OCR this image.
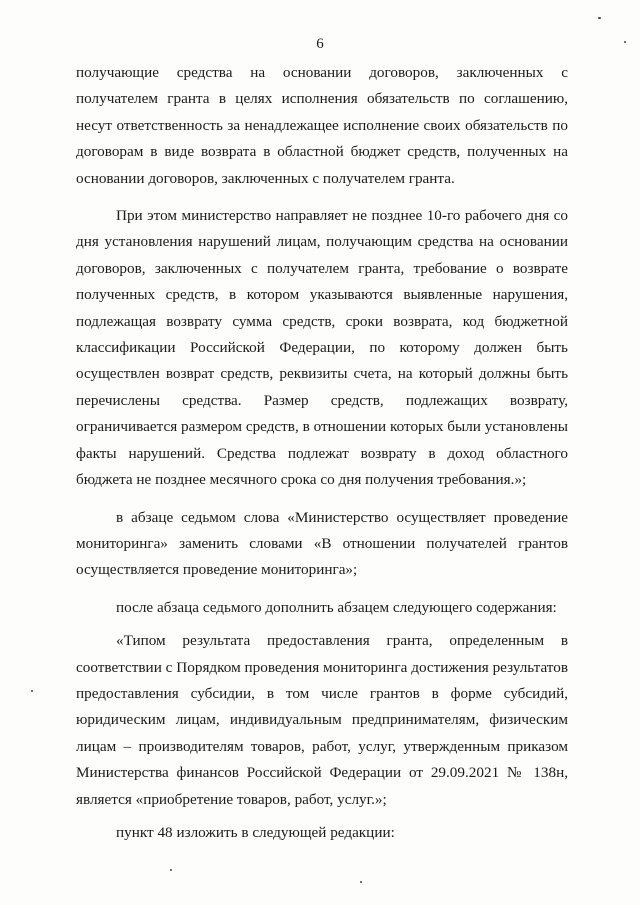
6

получающие средства на основании договоров, заключенных с получателем гранта в целях исполнения обязательств по соглашению, несут ответственность за ненадлежащее исполнение своих обязательств по договорам в виде возврата в областной бюджет средств, полученных на основании договоров, заключенных с получателем гранта.

При этом министерство направляет не позднее 10-го рабочего дня со дня установления нарушений лицам, получающим средства на основании договоров, заключенных с получателем гранта, требование о возврате полученных средств, в котором указываются выявленные нарушения, подлежащая возврату сумма средств, сроки возврата, код бюджетной классификации Российской Федерации, по которому должен быть осуществлен возврат средств, реквизиты счета, на который должны быть перечислены средства. Размер средств, подлежащих возврату, ограничивается размером средств, в отношении которых были установлены факты нарушений. Средства подлежат возврату в доход областного бюджета не позднее месячного срока со дня получения требования.»;

в абзаце седьмом слова «Министерство осуществляет проведение мониторинга» заменить словами «В отношении получателей грантов осуществляется проведение мониторинга»;

после абзаца седьмого дополнить абзацем следующего содержания:

«Типом результата предоставления гранта, определенным в соответствии с Порядком проведения мониторинга достижения результатов предоставления субсидии, в том числе грантов в форме субсидий, юридическим лицам, индивидуальным предпринимателям, физическим лицам – производителям товаров, работ, услуг, утвержденным приказом Министерства финансов Российской Федерации от 29.09.2021 № 138н, является «приобретение товаров, работ, услуг.»;

пункт 48 изложить в следующей редакции:
